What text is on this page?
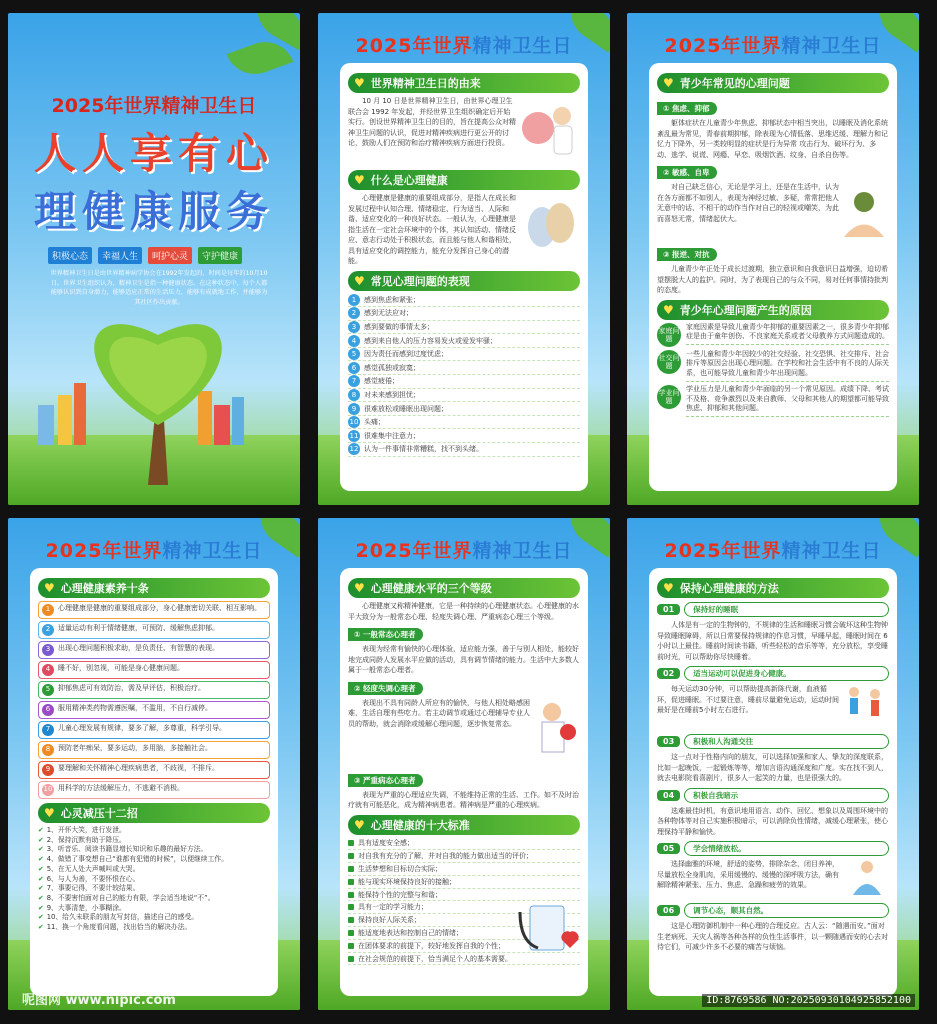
2025年世界精神卫生日
人人享有心
理健康服务
积极心态	幸福人生	呵护心灵	守护健康
世界精神卫生日是由世界精神病学协会在1992年发起的，时间是每年的10月10日。世界卫生组织认为，精神卫生是指一种健康状态。在这种状态中，每个人都能够认识到自身潜力，能够适应正常的生活压力，能够有成就地工作，并能够为其社区作出贡献。
2025年世界精神卫生日
♥ 世界精神卫生日的由来
10 月 10 日是世界精神卫生日，由世界心理卫生联合会 1992 年发起，并经世界卫生组织确定后开始实行。创设世界精神卫生日的目的，旨在提高公众对精神卫生问题的认识，促进对精神疾病进行更公开的讨论，鼓励人们在预防和治疗精神疾病方面进行投资。
♥ 什么是心理健康
心理健康是健康的重要组成部分，是指人在成长和发展过程中认知合理、情绪稳定、行为适当、人际和谐、适应变化的一种良好状态。一般认为，心理健康是指生活在一定社会环境中的个体，其认知活动、情绪反应、意志行动处于积极状态，而且能与他人和谐相处，具有适应变化的调控能力，能充分发挥自己身心的潜能。
♥ 常见心理问题的表现
1	感到焦虑和紧张；
2	感到无法应对；
3	感到要做的事情太多；
4	感到来自他人的压力容易发火或爱发牢骚；
5	因为责任而感到过度忧虑；
6	感觉孤独或寂寞；
7	感觉疲倦；
8	对未来感到担忧；
9	很难放松或睡眠出现问题；
10 头痛；
11 很难集中注意力；
12 认为一件事情非常糟糕，找不到头绪。
2025年世界精神卫生日
♥ 青少年常见的心理问题
① 焦虑、抑郁
躯体症状在儿童青少年焦虑、抑郁状态中相当突出，以睡眠及消化系统紊乱最为常见，青春前期抑郁，除表现为心情低落、思维迟缓、理解力和记忆力下降外，另一类较明显的症状是行为异常 攻击行为、破坏行为、多动、逃学、说谎、网瘾、早恋、吸烟饮酒、纹身、自杀自伤等。
② 敏感、自卑
对自己缺乏信心，无论是学习上，还是在生活中，认为在各方面都不如别人，表现为神经过敏、多疑，常常把他人无意中的话、不相干的动作当作对自己的轻视或嘲笑，为此而喜怒无常，情绪起伏大。
③ 报逆、对抗
儿童青少年正处于成长过渡期，独立意识和自我意识日益增强，迫切希望摆脱大人的监护。同时，为了表现自己的与众不同，易对任何事情持批判的态度。
♥ 青少年心理问题产生的原因
家庭问题
家庭因素是导致儿童青少年抑郁的重要因素之一，很多青少年抑郁症是由于童年创伤、不良家庭关系或者父母教养方式问题造成的。
社交问题
一些儿童和青少年因较少的社交经验、社交恐惧、社交排斥、社会排斥等原因会出现心理问题。在学校和社会生活中有不良的人际关系，也可能导致儿童和青少年出现问题。
学业问题
学业压力是儿童和青少年面临的另一个常见原因。成绩下降、考试不及格、竞争激烈以及来自教师、父母和其他人的期望都可能导致焦虑、抑郁和其他问题。
2025年世界精神卫生日
♥ 心理健康素养十条
1	心理健康是健康的重要组成部分，身心健康密切关联、相互影响。
2	适量运动有利于情绪健康，可预防、缓解焦虑抑郁。
3	出现心理问题积极求助，是负责任、有智慧的表现。
4	睡不好，别忽视，可能是身心健康问题。
5	抑郁焦虑可有效防治，需及早评估，积极治疗。
6	服用精神类药物需遵医嘱，不滥用，不自行减停。
7	儿童心理发展有规律，要多了解，多尊重，科学引导。
8	预防老年痴呆，要多运动，多用脑，多接触社会。
9	要理解和关怀精神心理疾病患者，不歧视，不排斥。
10 用科学的方法缓解压力，不逃避不消极。
♥ 心灵减压十二招
✔ 1、开怀大笑，进行发泄。
✔ 2、保持沉默有助于降压。
✔ 3、听音乐、阅读书籍显增长知识和乐趣的最好方法。
✔ 4、做错了事变想自己“谁都有犯错的时候”，以便继续工作。
✔ 5、在无人处大声喊叫或大哭。
✔ 6、与人为善，不要怀恨在心。
✔ 7、事要记得，不要计较结果。
✔ 8、不要害怕面对自己的能力有限，学会适当地说“不”。
✔ 9、大事清楚，小事糊涂。
✔ 10、给久未联系的朋友写封信，描述自己的感受。
✔ 11、换一个角度看问题，找出恰当的解决办法。
呢图网 www.nipic.com
2025年世界精神卫生日
♥ 心理健康水平的三个等级
心理健康又称精神健康，它是一种持续的心理健康状态。心理健康的水平大致分为一般常态心理、轻度失调心理、严重病态心理三个等级。
① 一般常态心理者
表现为经常有愉快的心理体验，适应能力强，善于与别人相处，能较好地完成同龄人发展水平应做的活动，具有调节情绪的能力。生活中大多数人属于一般常态心理者。
② 轻度失调心理者
表现出不具有同龄人所应有的愉快，与他人相处略感困难，生活自理有些吃力。若主动调节或通过心理辅导专业人员的帮助，就会消除或缓解心理问题，逐步恢复常态。
③ 严重病态心理者
表现为严重的心理适应失调，不能维持正常的生活、工作。如不及时治疗就有可能恶化，成为精神病患者。精神病是严重的心理疾病。
♥ 心理健康的十大标准
具有适度安全感；
对自我有充分的了解，并对自我的能力做出适当的评价；
生活梦想和目标切合实际；
能与现实环境保持良好的接触；
能保持个性的完整与和谐；
具有一定的学习能力；
保持良好人际关系；
能适度地表达和控制自己的情绪；
在团体要求的前提下，较好地发挥自我的个性；
在社会规范的前提下，恰当满足个人的基本需要。
2025年世界精神卫生日
♥ 保持心理健康的方法
01	保持好的睡眠
人体是有一定的生物钟的，不规律的生活和睡眠习惯会破坏这种生物钟导致睡眠障碍，所以日常要保持规律的作息习惯，早睡早起，睡眠时间在 6 小时以上最佳。睡前时间读书籍，听些轻松的音乐等等，充分放松，享受睡前时光，可以帮助你尽快睡着。
02	适当运动可以促进身心健康。
每天运动30分钟，可以帮助提高新陈代谢，血液循环，促进睡眠。不过要注意，睡前尽量避免运动，运动时间最好是在睡前5小时左右进行。
03	积极和人沟通交往
这一点对于性格内向的朋友，可以选择加强和家人、挚友的深度联系，比如一起晚饭，一起锻炼等等，增加言语沟通深度和广度。实在找不到人，就去电影院看喜剧片，很多人一起笑的力量，也是很强大的。
04	积极自我暗示
选难最佳时机，有意识地用语言、动作、回忆、想象以及周围环境中的各种物体等对自己实施积极暗示，可以消除负性情绪，减缓心理紧张，使心理保持平静和愉快。
05	学会情绪放松。
选择幽雅的环境，舒适的姿势，排除杂念，闭目养神，尽量放松全身肌肉，采用缓慢的、缓慢的深呼吸方法，确有解除精神紧张、压力、焦虑、急躁和疲劳的效果。
06	调节心态，顺其自然。
这是心理防御机制中一种心理的合理反应。古人云：“随遇而安。”面对生老病死、天灾人祸等各种各样的负性生活事件，以一颗随遇而安的心去对待它们，可减少许多不必要的痛苦与烦恼。
ID:8769586 NO:20250930104925852100
